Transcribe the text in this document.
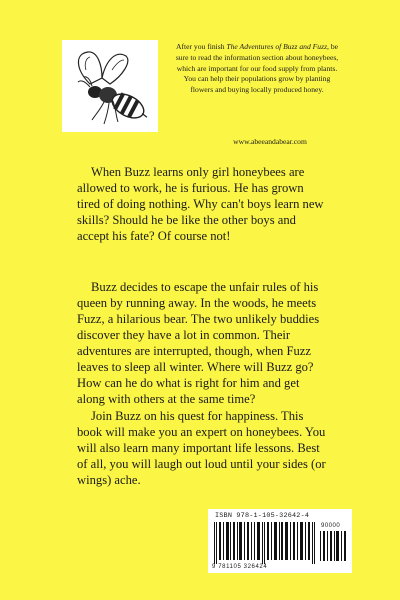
After you finish The Adventures of Buzz and Fuzz, be sure to read the information section about honeybees, which are important for our food supply from plants. You can help their populations grow by planting flowers and buying locally produced honey.
www.abeeandabear.com

When Buzz learns only girl honeybees are allowed to work, he is furious. He has grown tired of doing nothing. Why can't boys learn new skills? Should he be like the other boys and accept his fate? Of course not!

Buzz decides to escape the unfair rules of his queen by running away. In the woods, he meets Fuzz, a hilarious bear. The two unlikely buddies discover they have a lot in common. Their adventures are interrupted, though, when Fuzz leaves to sleep all winter. Where will Buzz go? How can he do what is right for him and get along with others at the same time?

Join Buzz on his quest for happiness. This book will make you an expert on honeybees. You will also learn many important life lessons. Best of all, you will laugh out loud until your sides (or wings) ache.

ISBN 978-1-105-32642-4
90000
9 781105 326424
